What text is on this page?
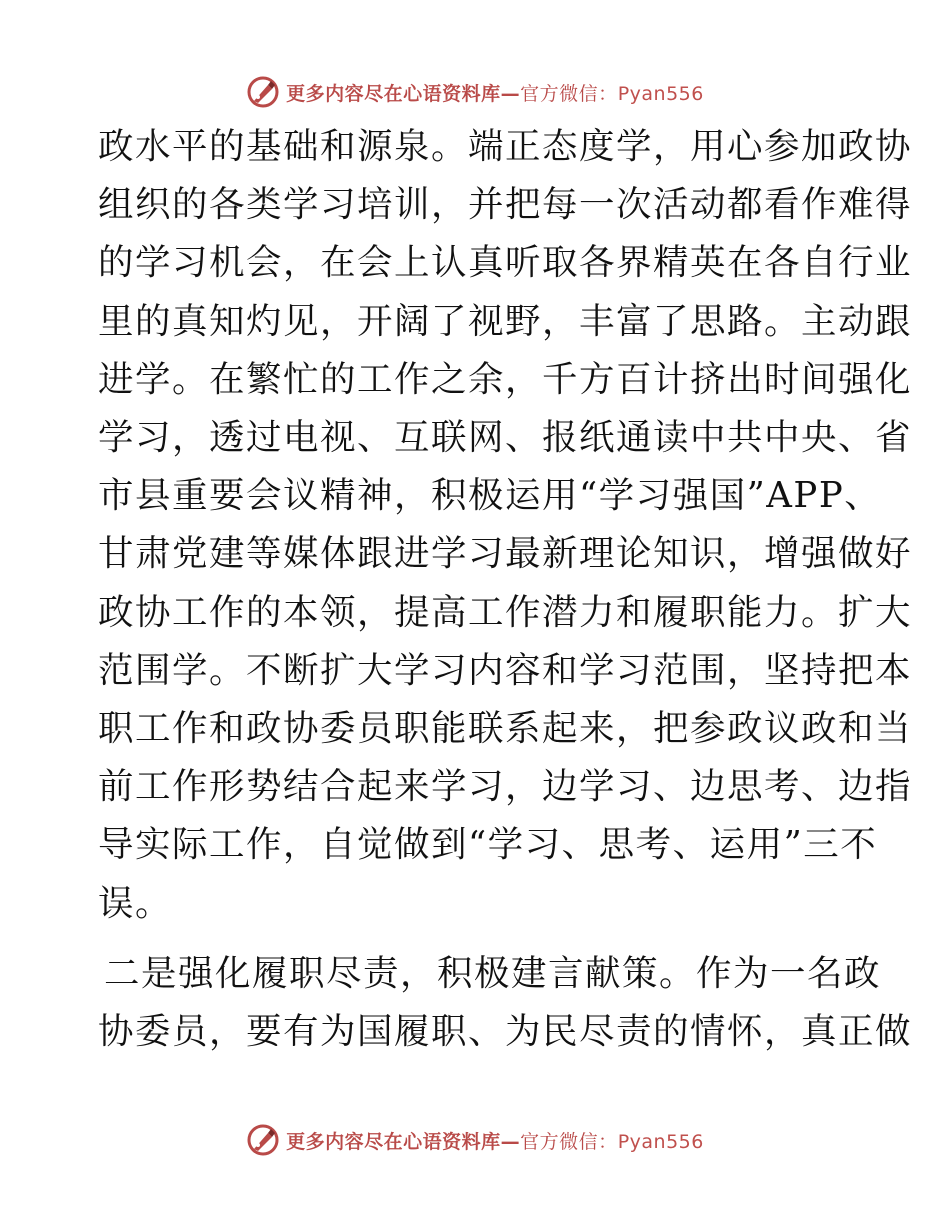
更多内容尽在心语资料库—官方微信：Pyan556

政水平的基础和源泉。端正态度学，用心参加政协
组织的各类学习培训，并把每一次活动都看作难得
的学习机会，在会上认真听取各界精英在各自行业
里的真知灼见，开阔了视野，丰富了思路。主动跟
进学。在繁忙的工作之余，千方百计挤出时间强化
学习，透过电视、互联网、报纸通读中共中央、省
市县重要会议精神，积极运用“学习强国”APP、
甘肃党建等媒体跟进学习最新理论知识，增强做好
政协工作的本领，提高工作潜力和履职能力。扩大
范围学。不断扩大学习内容和学习范围，坚持把本
职工作和政协委员职能联系起来，把参政议政和当
前工作形势结合起来学习，边学习、边思考、边指
导实际工作，自觉做到“学习、思考、运用”三不
误。

二是强化履职尽责，积极建言献策。作为一名政
协委员，要有为国履职、为民尽责的情怀，真正做

更多内容尽在心语资料库—官方微信：Pyan556
